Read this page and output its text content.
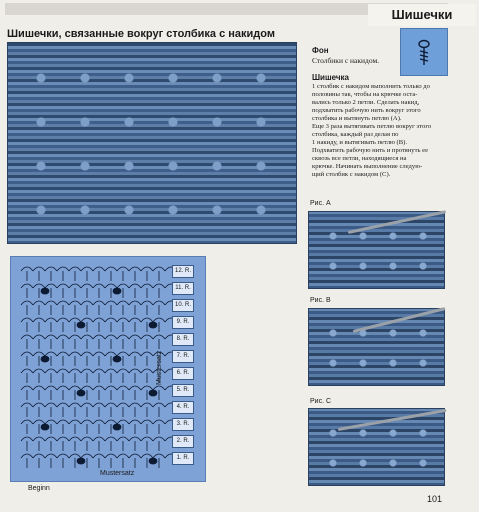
Шишечки
Шишечки, связанные вокруг столбика с накидом
12. R.
11. R.
10. R.
9. R.
8. R.
7. R.
6. R.
5. R.
4. R.
3. R.
2. R.
1. R.
Mustersatz
Mustersatz
Beginn
Фон
Столбики с накидом.
Шишечка
1 столбик с накидом выполнить только до половины так, чтобы на крючке оста-
вались только 2 петли. Сделать накид, подхватить рабочую нить вокруг этого
столбика и вытянуть петлю (A).
Еще 3 раза вытягивать петлю вокруг этого столбика, каждый раз делая по
1 накиду, и вытягивать петлю (B).
Подхватить рабочую нить и протянуть ее сквозь все петли, находящиеся на
крючке. Начинать выполнение следую-
щий столбик с накидом (C).
Рис. A
Рис. B
Рис. C
101
